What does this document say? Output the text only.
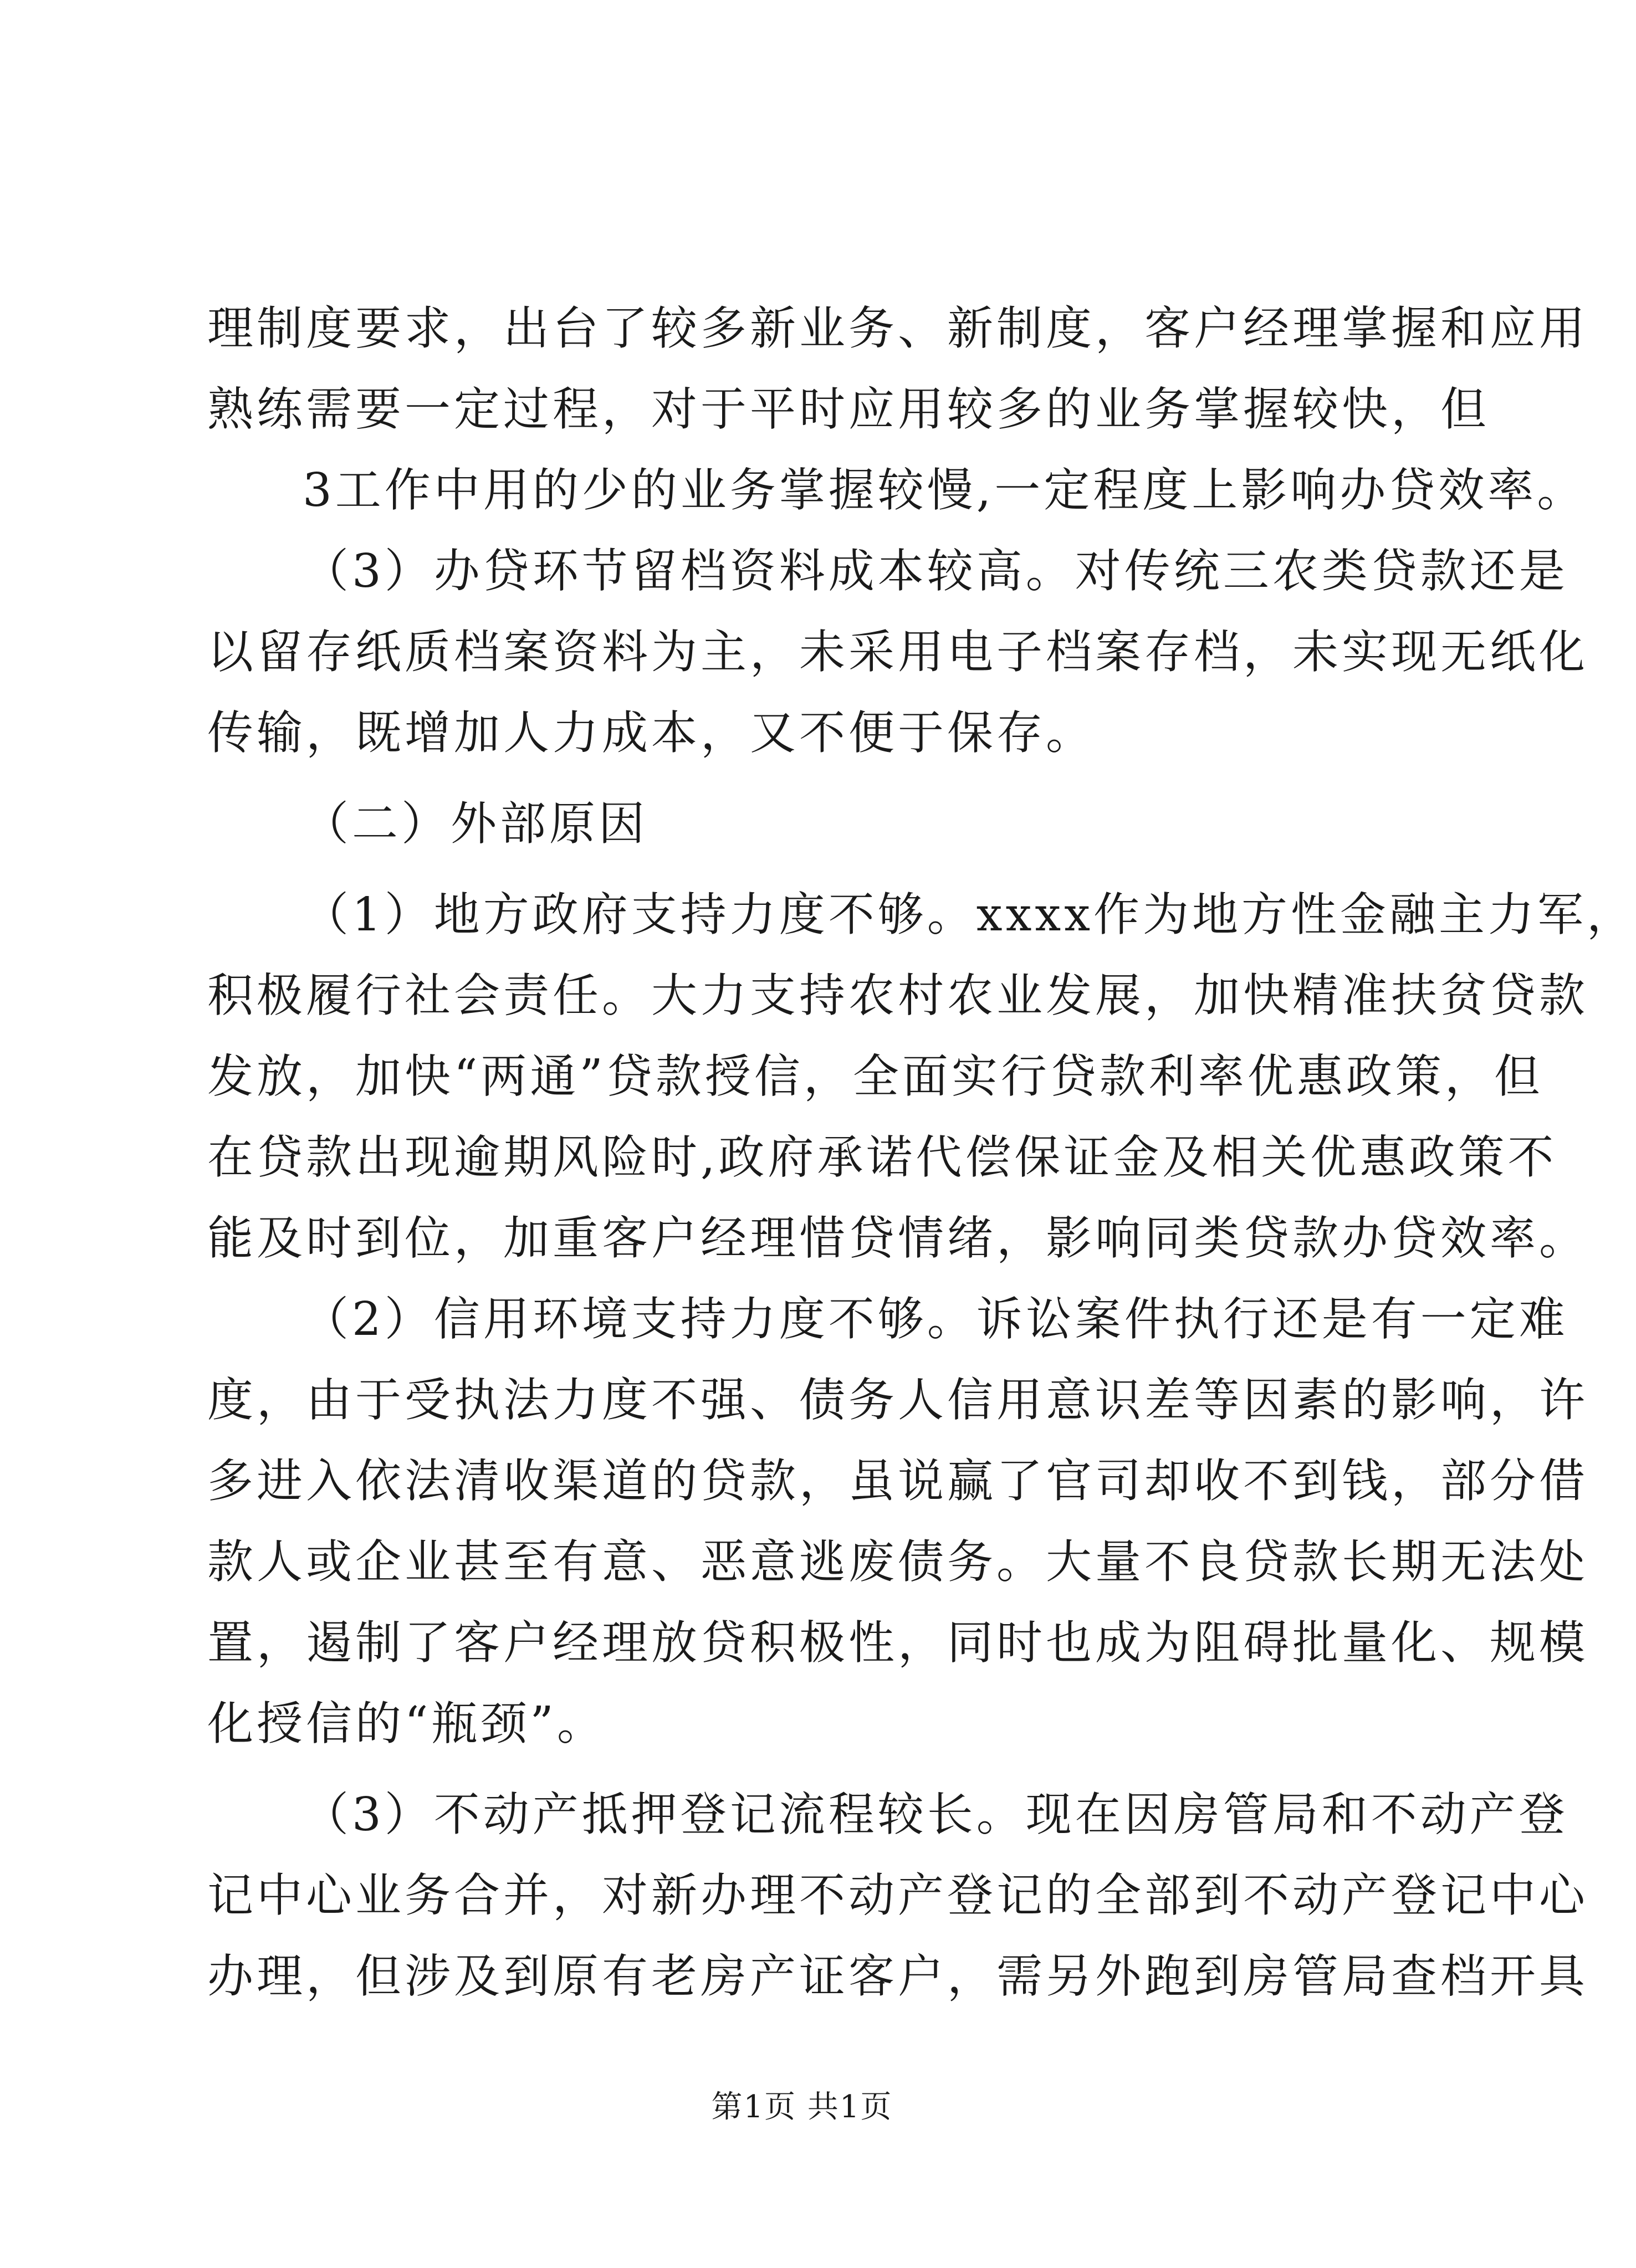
理制度要求，出台了较多新业务、新制度，客户经理掌握和应用
熟练需要一定过程，对于平时应用较多的业务掌握较快，但
3工作中用的少的业务掌握较慢,一定程度上影响办贷效率。
（3）办贷环节留档资料成本较高。对传统三农类贷款还是
以留存纸质档案资料为主，未采用电子档案存档，未实现无纸化
传输，既增加人力成本，又不便于保存。
（二）外部原因
（1）地方政府支持力度不够。xxxx作为地方性金融主力军，
积极履行社会责任。大力支持农村农业发展，加快精准扶贫贷款
发放，加快“两通”贷款授信，全面实行贷款利率优惠政策，但
在贷款出现逾期风险时,政府承诺代偿保证金及相关优惠政策不
能及时到位，加重客户经理惜贷情绪，影响同类贷款办贷效率。
（2）信用环境支持力度不够。诉讼案件执行还是有一定难
度，由于受执法力度不强、债务人信用意识差等因素的影响，许
多进入依法清收渠道的贷款，虽说赢了官司却收不到钱，部分借
款人或企业甚至有意、恶意逃废债务。大量不良贷款长期无法处
置，遏制了客户经理放贷积极性，同时也成为阻碍批量化、规模
化授信的“瓶颈”。
（3）不动产抵押登记流程较长。现在因房管局和不动产登
记中心业务合并，对新办理不动产登记的全部到不动产登记中心
办理，但涉及到原有老房产证客户，需另外跑到房管局查档开具
第1页 共1页
